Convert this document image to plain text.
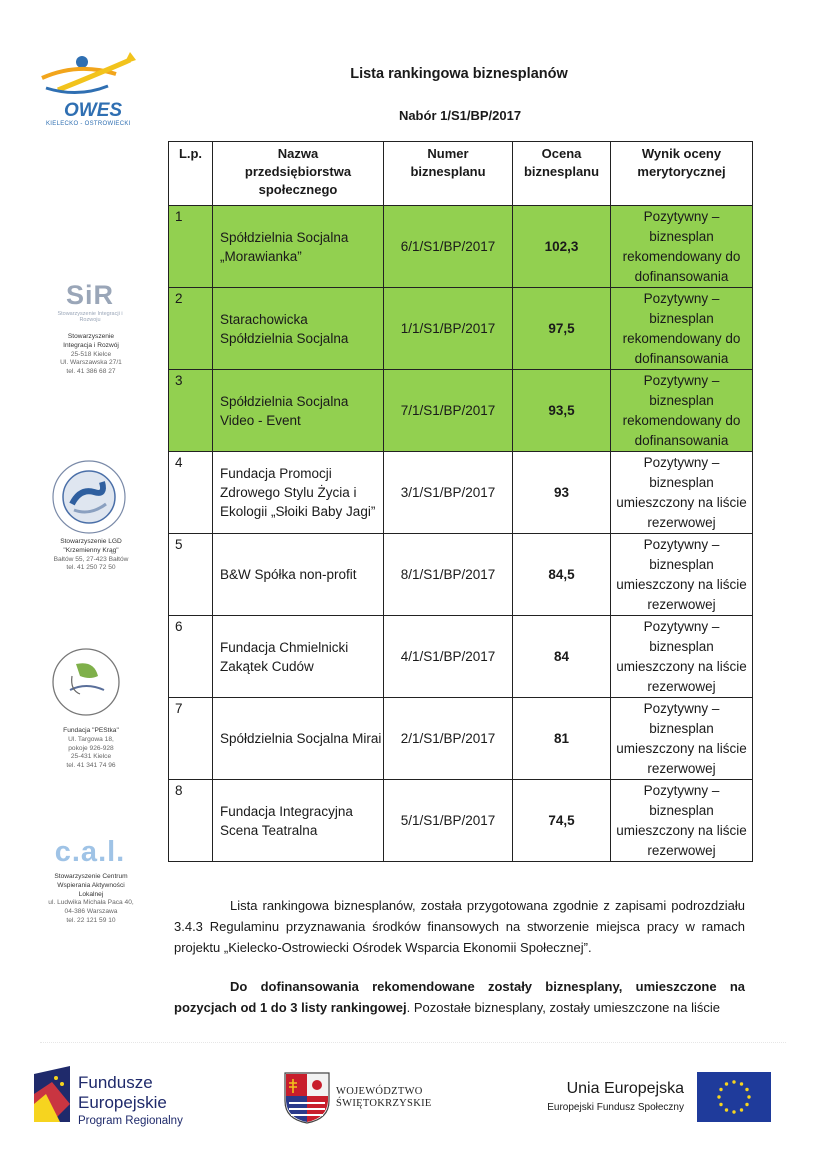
OWES
KIELECKO - OSTROWIECKI
SiR
Stowarzyszenie Integracji i Rozwoju
Stowarzyszenie
Integracja i Rozwój
25-518 Kielce
Ul. Warszawska 27/1
tel. 41 386 68 27
Stowarzyszenie LGD
"Krzemienny Krąg"
Bałtów 55, 27-423 Bałtów
tel. 41 250 72 50
Fundacja "PEStka"
Ul. Targowa 18,
pokoje 926-928
25-431 Kielce
tel. 41 341 74 96
c.a.l.
Stowarzyszenie Centrum
Wspierania Aktywności
Lokalnej
ul. Ludwika Michała Paca 40,
04-386 Warszawa
tel. 22 121 59 10
Lista rankingowa biznesplanów
Nabór 1/S1/BP/2017
L.p.	Nazwa przedsiębiorstwa społecznego	Numer biznesplanu	Ocena biznesplanu	Wynik oceny merytorycznej
1	Spółdzielnia Socjalna „Morawianka”	6/1/S1/BP/2017	102,3	Pozytywny – biznesplan rekomendowany do dofinansowania
2	Starachowicka Spółdzielnia Socjalna	1/1/S1/BP/2017	97,5	Pozytywny – biznesplan rekomendowany do dofinansowania
3	Spółdzielnia Socjalna Video - Event	7/1/S1/BP/2017	93,5	Pozytywny – biznesplan rekomendowany do dofinansowania
4	Fundacja Promocji Zdrowego Stylu Życia i Ekologii „Słoiki Baby Jagi”	3/1/S1/BP/2017	93	Pozytywny – biznesplan umieszczony na liście rezerwowej
5	B&W Spółka non-profit	8/1/S1/BP/2017	84,5	Pozytywny – biznesplan umieszczony na liście rezerwowej
6	Fundacja Chmielnicki Zakątek Cudów	4/1/S1/BP/2017	84	Pozytywny – biznesplan umieszczony na liście rezerwowej
7	Spółdzielnia Socjalna Mirai	2/1/S1/BP/2017	81	Pozytywny – biznesplan umieszczony na liście rezerwowej
8	Fundacja Integracyjna Scena Teatralna	5/1/S1/BP/2017	74,5	Pozytywny – biznesplan umieszczony na liście rezerwowej
Lista rankingowa biznesplanów, została przygotowana zgodnie z zapisami podrozdziału 3.4.3 Regulaminu przyznawania środków finansowych na stworzenie miejsca pracy w ramach projektu „Kielecko-Ostrowiecki Ośrodek Wsparcia Ekonomii Społecznej”.
Do dofinansowania rekomendowane zostały biznesplany, umieszczone na pozycjach od 1 do 3 listy rankingowej. Pozostałe biznesplany, zostały umieszczone na liście
Fundusze
Europejskie
Program Regionalny
WOJEWÓDZTWO
ŚWIĘTOKRZYSKIE
Unia Europejska
Europejski Fundusz Społeczny
